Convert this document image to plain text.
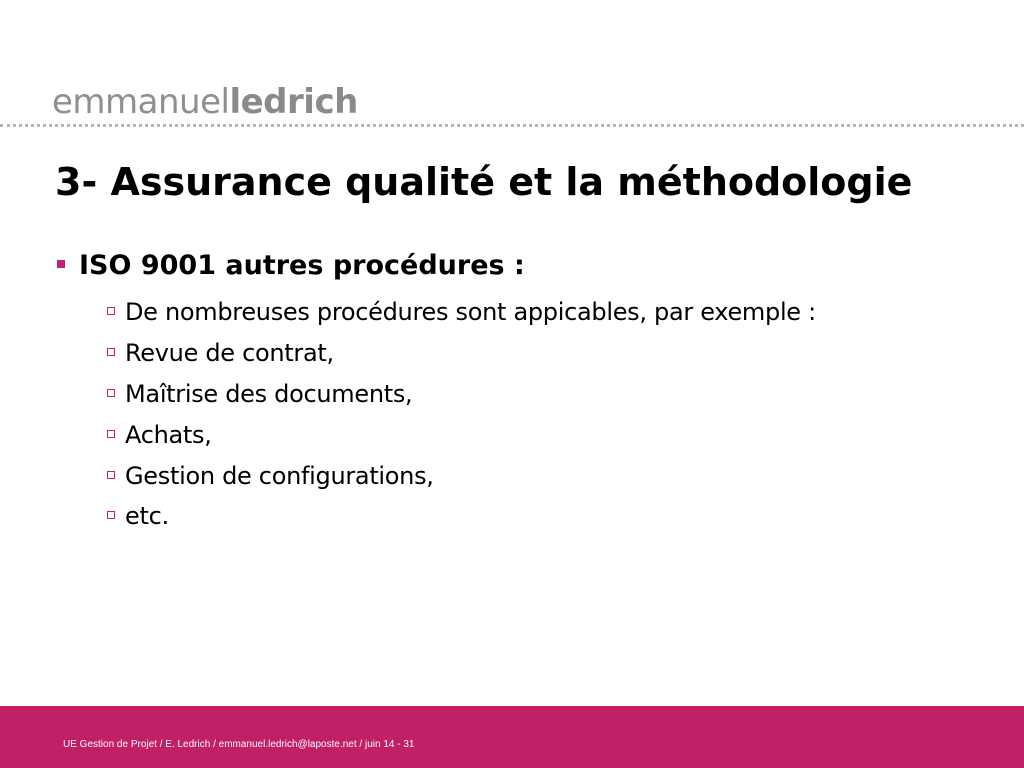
emmanuelledrich
3- Assurance qualité et la méthodologie
ISO 9001 autres procédures :
De nombreuses procédures sont appicables, par exemple :
Revue de contrat,
Maîtrise des documents,
Achats,
Gestion de configurations,
etc.
UE Gestion de Projet / E. Ledrich / emmanuel.ledrich@laposte.net / juin 14 - 31
